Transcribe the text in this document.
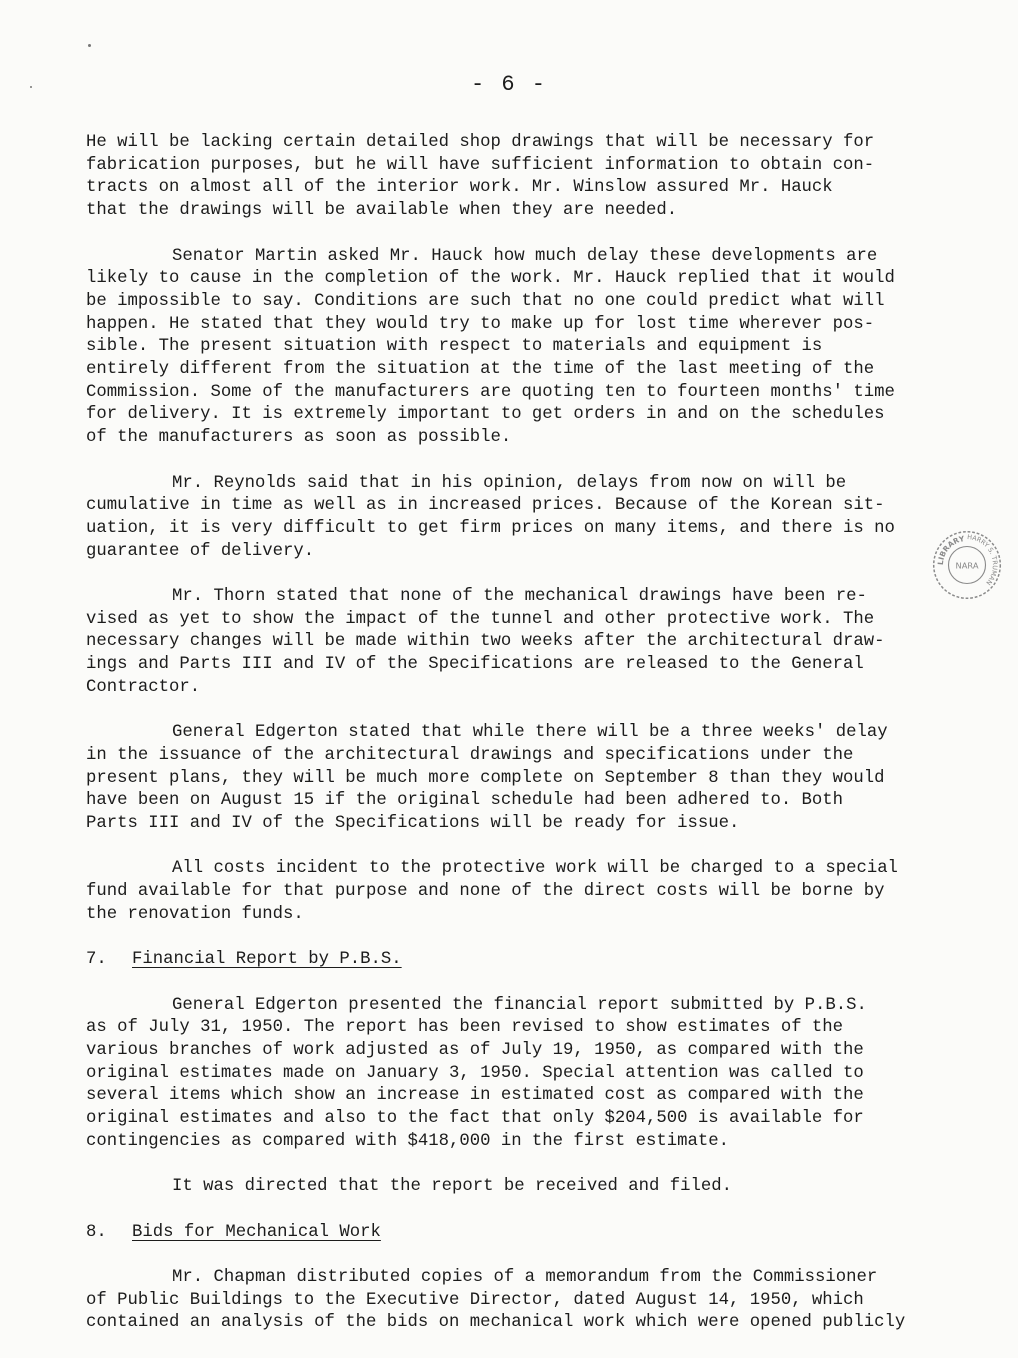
- 6 -
He will be lacking certain detailed shop drawings that will be necessary for
fabrication purposes, but he will have sufficient information to obtain con-
tracts on almost all of the interior work. Mr. Winslow assured Mr. Hauck
that the drawings will be available when they are needed.
Senator Martin asked Mr. Hauck how much delay these developments are
likely to cause in the completion of the work. Mr. Hauck replied that it would
be impossible to say. Conditions are such that no one could predict what will
happen. He stated that they would try to make up for lost time wherever pos-
sible. The present situation with respect to materials and equipment is
entirely different from the situation at the time of the last meeting of the
Commission. Some of the manufacturers are quoting ten to fourteen months' time
for delivery. It is extremely important to get orders in and on the schedules
of the manufacturers as soon as possible.
Mr. Reynolds said that in his opinion, delays from now on will be
cumulative in time as well as in increased prices. Because of the Korean sit-
uation, it is very difficult to get firm prices on many items, and there is no
guarantee of delivery.
Mr. Thorn stated that none of the mechanical drawings have been re-
vised as yet to show the impact of the tunnel and other protective work. The
necessary changes will be made within two weeks after the architectural draw-
ings and Parts III and IV of the Specifications are released to the General
Contractor.
General Edgerton stated that while there will be a three weeks' delay
in the issuance of the architectural drawings and specifications under the
present plans, they will be much more complete on September 8 than they would
have been on August 15 if the original schedule had been adhered to. Both
Parts III and IV of the Specifications will be ready for issue.
All costs incident to the protective work will be charged to a special
fund available for that purpose and none of the direct costs will be borne by
the renovation funds.
7. Financial Report by P.B.S.
General Edgerton presented the financial report submitted by P.B.S.
as of July 31, 1950. The report has been revised to show estimates of the
various branches of work adjusted as of July 19, 1950, as compared with the
original estimates made on January 3, 1950. Special attention was called to
several items which show an increase in estimated cost as compared with the
original estimates and also to the fact that only $204,500 is available for
contingencies as compared with $418,000 in the first estimate.
It was directed that the report be received and filed.
8. Bids for Mechanical Work
Mr. Chapman distributed copies of a memorandum from the Commissioner
of Public Buildings to the Executive Director, dated August 14, 1950, which
contained an analysis of the bids on mechanical work which were opened publicly
LIBRARY HARRY S. TRUMAN
NARA
